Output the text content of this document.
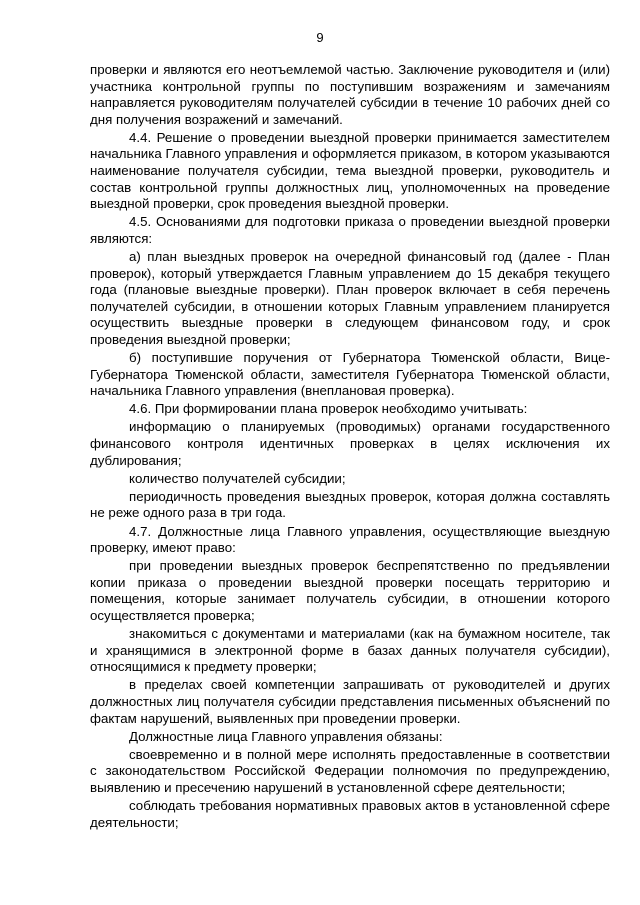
9

проверки и являются его неотъемлемой частью. Заключение руководителя и (или) участника контрольной группы по поступившим возражениям и замечаниям направляется руководителям получателей субсидии в течение 10 рабочих дней со дня получения возражений и замечаний.

4.4. Решение о проведении выездной проверки принимается заместителем начальника Главного управления и оформляется приказом, в котором указываются наименование получателя субсидии, тема выездной проверки, руководитель и состав контрольной группы должностных лиц, уполномоченных на проведение выездной проверки, срок проведения выездной проверки.

4.5. Основаниями для подготовки приказа о проведении выездной проверки являются:

а) план выездных проверок на очередной финансовый год (далее - План проверок), который утверждается Главным управлением до 15 декабря текущего года (плановые выездные проверки). План проверок включает в себя перечень получателей субсидии, в отношении которых Главным управлением планируется осуществить выездные проверки в следующем финансовом году, и срок проведения выездной проверки;

б) поступившие поручения от Губернатора Тюменской области, Вице-Губернатора Тюменской области, заместителя Губернатора Тюменской области, начальника Главного управления (внеплановая проверка).

4.6. При формировании плана проверок необходимо учитывать:

информацию о планируемых (проводимых) органами государственного финансового контроля идентичных проверках в целях исключения их дублирования;

количество получателей субсидии;

периодичность проведения выездных проверок, которая должна составлять не реже одного раза в три года.

4.7. Должностные лица Главного управления, осуществляющие выездную проверку, имеют право:

при проведении выездных проверок беспрепятственно по предъявлении копии приказа о проведении выездной проверки посещать территорию и помещения, которые занимает получатель субсидии, в отношении которого осуществляется проверка;

знакомиться с документами и материалами (как на бумажном носителе, так и хранящимися в электронной форме в базах данных получателя субсидии), относящимися к предмету проверки;

в пределах своей компетенции запрашивать от руководителей и других должностных лиц получателя субсидии представления письменных объяснений по фактам нарушений, выявленных при проведении проверки.

Должностные лица Главного управления обязаны:

своевременно и в полной мере исполнять предоставленные в соответствии с законодательством Российской Федерации полномочия по предупреждению, выявлению и пресечению нарушений в установленной сфере деятельности;

соблюдать требования нормативных правовых актов в установленной сфере деятельности;
